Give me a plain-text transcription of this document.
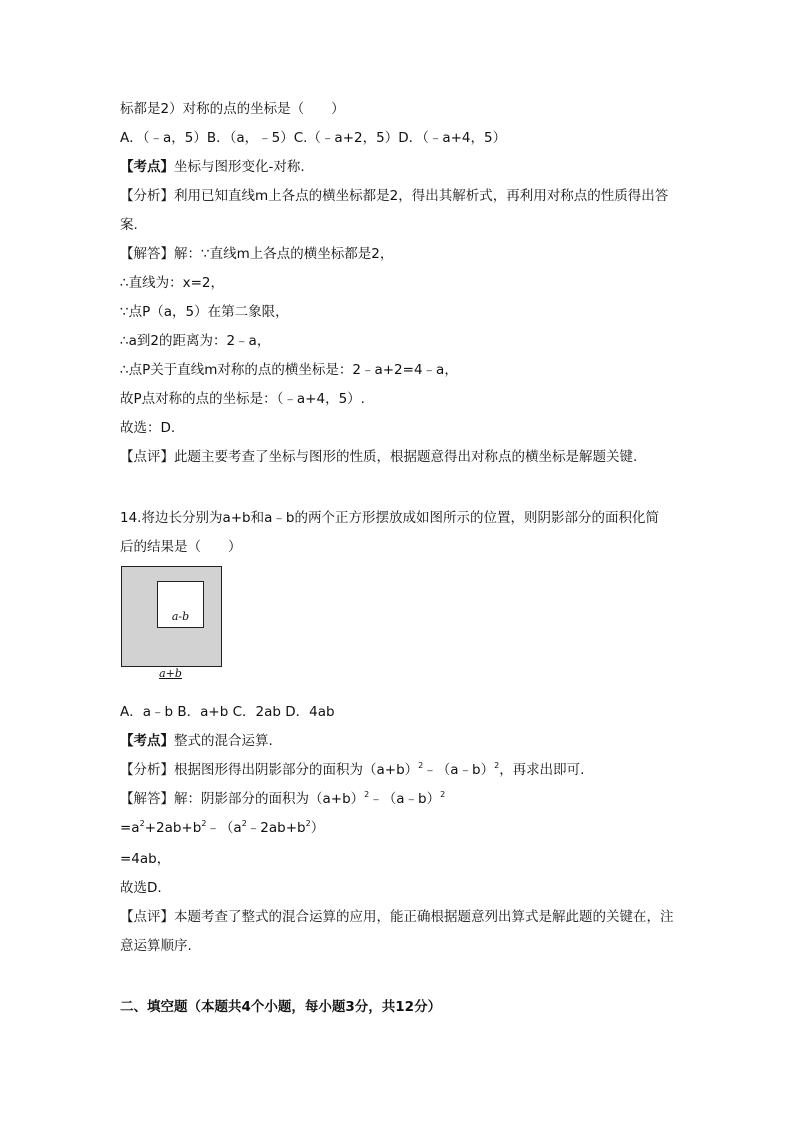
标都是2）对称的点的坐标是（　　）
A．（﹣a，5）B．（a，﹣5）C.（﹣a+2，5）D．（﹣a+4，5）
【考点】坐标与图形变化-对称.
【分析】利用已知直线m上各点的横坐标都是2，得出其解析式，再利用对称点的性质得出答
案.
【解答】解：∵直线m上各点的横坐标都是2，
∴直线为：x=2，
∵点P（a，5）在第二象限，
∴a到2的距离为：2﹣a，
∴点P关于直线m对称的点的横坐标是：2﹣a+2=4﹣a，
故P点对称的点的坐标是：（﹣a+4，5）.
故选：D.
【点评】此题主要考查了坐标与图形的性质，根据题意得出对称点的横坐标是解题关键.
14.将边长分别为a+b和a﹣b的两个正方形摆放成如图所示的位置，则阴影部分的面积化简
后的结果是（　　）
a-b
a+b
A．a﹣b B．a+b C．2ab D．4ab
【考点】整式的混合运算.
【分析】根据图形得出阴影部分的面积为$(a+b)^2﹣(a﹣b)^2$，再求出即可.
【解答】解：阴影部分的面积为$(a+b)^2﹣(a﹣b)^2$
$=a^2+2ab+b^2﹣(a^2﹣2ab+b^2)$
=4ab，
故选D.
【点评】本题考查了整式的混合运算的应用，能正确根据题意列出算式是解此题的关键在，注
意运算顺序.
二、填空题（本题共4个小题，每小题3分，共12分）
